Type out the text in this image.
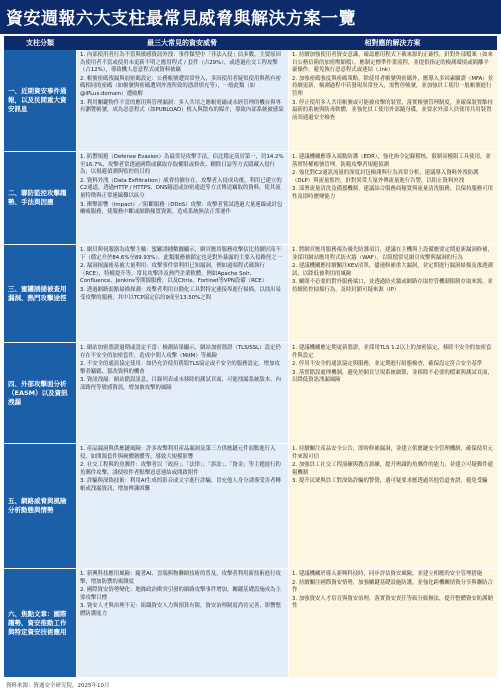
資安週報六大支柱最常見威脅與解決方案一覽
支柱分類	最三大常見的資安威脅	相對應的解決方案
一、近期資安事件通報，以及民間重大資安訊息
1. 內部使用者行為不當與敏感資訊外洩：事件類型中「非法入侵」佔多數，主要原因為使用者不當或使用未更新不明之應用程式 / 套件（占29%），或透過社交工程攻擊（占12%），導致機人惡意程式或資料被竊
2. 帳號密碼洩漏與弱密碼設定：公務帳號遭異常登入，多因使用者疑似使用與舊有密碼相同的密碼（如帳號與密碼遭到外洩所致的憑證填充等），一般此類（如@iPLus.domain）遭破解
3. 利用關鍵物件不當的應用與管理漏洞：多人共用之應帳電磁或未經管理的機台與專有瀏覽帳號，成為惡意程式（如PUBLOAD）植入與散布的媒介，導致內部系統被感染
1. 持續加強使用者資安意識，確認應用程式下載來源的正確性，針對外部檔案（如來自公務信箱的加密壓縮檔），應制定標準作業流程，並提供指定的檢測環境或隔離平臺操作，避免執行惡意程式或連結（.lnk）
2. 加強密碼強度與密碼策略，除使用者帳號與密碼外，應導入多因素驗證（MFA）並持續更新，檢測過程中若發現異常登入，需暫停帳號，並加強員工使用一般帳號進行管理
3. 停止使用多人共用帳號或可能被攻擊的裝置，落實帳號管理制度，並確保裝置維持最新的系統與防毒軟體，並強化員工使用外部隨身碟，並要求外部人員使用共用裝置前須通過安全檢查
二、聯防監控攻擊趨勢、手法與因應
1. 防禦規避（Defense Evasion）為最常見攻擊手法，佔比穩定高居第一，約14.2%至16.7%，攻擊者常透過國際或竊取存取權限或修改、刪除日誌等方式隱藏入侵行為，以規避偵測與監控的目的
2. 資料外洩（Data Exfiltration）威脅持續存在，攻擊者入侵成功後，利用已建立的C2通道，透過HTTP / HTTPS、DNS隧道或加密通道等方式傳送竊取的資料，使其流量特徵與正常連線難以區分
3. 衝擊影響（Impact）／阻斷服務（DDoS）攻擊：攻擊者嘗試透過大量連線或封包癱瘓服務，使服務中斷或網路頻寬資源，造成系統無法正常運作
1. 建議機關應導入端點防護（EDR），強化指令記錄稽核，限制高權限工具使用，並落實特權帳號管理，防範攻擊者規避偵測
2. 強化對C2通訊流量的深度封包檢測與行為異常分析，建議導入資料外洩防護（DLP）與流量監控，針對異常大量外傳流量進行告警，以阻止資料外洩
3. 部署流量清洗及備援機制，建議結合服務商頻寬與流量清洗服務，以保持服務可用性及即時應變能力
三、蜜罐誘捕被查用漏洞、熱門攻擊途徑
1. 網頁與伺服器為攻擊主軸：蜜罐誘捕數據顯示，網頁應用服務攻擊佔比持續居高不下（穩定介於84.6%至89.93%），此類服務被鎖定也是對外暴露的主要入侵路徑之一
2. 漏洞揭露後易被大量利用：攻擊事件常利用已知漏洞，例如遠端程式碼執行（RCE），特權提升等。常見攻擊涉及熱門企業軟體，例如Apache Solr、Confluence、Jenkins等開源服務，以及Citrix、Fortinet等VPN設備（RCE）
3. 透過網路弱點掃描探測：攻擊者利用自動化工具對特定連接埠進行掃描，以找出易受攻擊的服務，其中以TCP協定佔約9成至13.50%之間
1. 將網頁應用服務視為優先防護項目，建議在主機與上設備應要定期更新漏洞修補，並採用網站應用程式防火牆（WAF），以阻擋常見網頁攻擊與漏洞的行為
2. 建議機關應持續關注KEV清單，儘速修補重大漏洞，並定期進行漏洞掃描及滲透測試，以降低被利用的風險
3. 關閉不必要的對外服務端口，並透過防火牆或網路存取控管機制限制存取來源，並持續監控掃描行為，及時封鎖可疑來源（IP）
四、外部攻擊面分析（EASM）以及資訊洩漏
1. 網站加密憑證過期或設定不當：檢測結果顯示，網站加密憑證（TLS/SSL）設定仍存在不安全的加密套件，造成中間人攻擊（MitM）等風險
2. 不安全的通訊協定使用：如仍允許使用舊版TLS協定或不安全的服務設定，增加攻擊者竊聽、篡改資料的機會
3. 資訊洩漏：網站錯誤訊息、目錄列表或未移除的測試頁面，可能洩漏系統版本、內部路徑等敏感資訊，增加被攻擊的風險
1. 建議機關應定期更新憑證，並採用TLS 1.2以上的加密協定，移除不安全的加密套件與設定
2. 停用不安全的通訊協定與服務，並定期進行組態檢查，確保設定符合安全基準
3. 落實錯誤處理機制，避免於網頁呈現系統細節，並移除不必要的檔案與測試頁面，以降低資訊洩漏風險
五、網路威脅與風險分析動態與情勢
1. 產品漏洞與供應鏈風險：許多攻擊利用產品漏洞及第三方供應鏈元件弱點進行入侵，如開源套件與硬體韌體等，導致大規模影響
2. 社交工程與釣魚郵件：攻擊者以「政府」、「法律」、「訴訟」、「資金」等主題進行釣魚郵件攻擊，誘使收件者點擊惡意連結或開啟附件
3. 詐騙與深偽技術：利用AI生成的影音或文字進行詐騙，冒充他人身分誘導受害者轉帳或洩漏資訊，增加辨識困難
1. 持續關注產品安全公告，即時修補漏洞，並建立供應鏈安全管理機制，確保使用元件來源可信
2. 加強員工社交工程演練與教育訓練，提升辨識釣魚郵件的能力，並建立可疑郵件通報機制
3. 提升民眾與員工對深偽詐騙的警覺，遇可疑要求應透過其他管道查證，避免受騙
六、焦點文章：國際趨勢、資安推動工作與特定資安技術應用
1. 新興科技應用風險：隨著AI、雲端與物聯網技術的普及，攻擊者利用新技術進行攻擊，增加防禦的複雜度
2. 國際資安情勢變化：地緣政治衝突引發的網路攻擊事件增加，關鍵基礎設施成為主要攻擊目標
3. 資安人才與治理不足：組織資安人力與預算有限，資安治理制度尚待完善，影響整體防護能力
1. 建議機關於導入新興科技時，同步評估資安風險，並建立相應的安全管理措施
2. 持續關注國際資安情勢，加強關鍵基礎設施防護，並強化跨機關情資分享與聯防合作
3. 加強資安人才培育與資安治理，落實資安責任等級分級辦法，提升整體資安防護韌性
資料來源：資通安全研究院，2025年10月
